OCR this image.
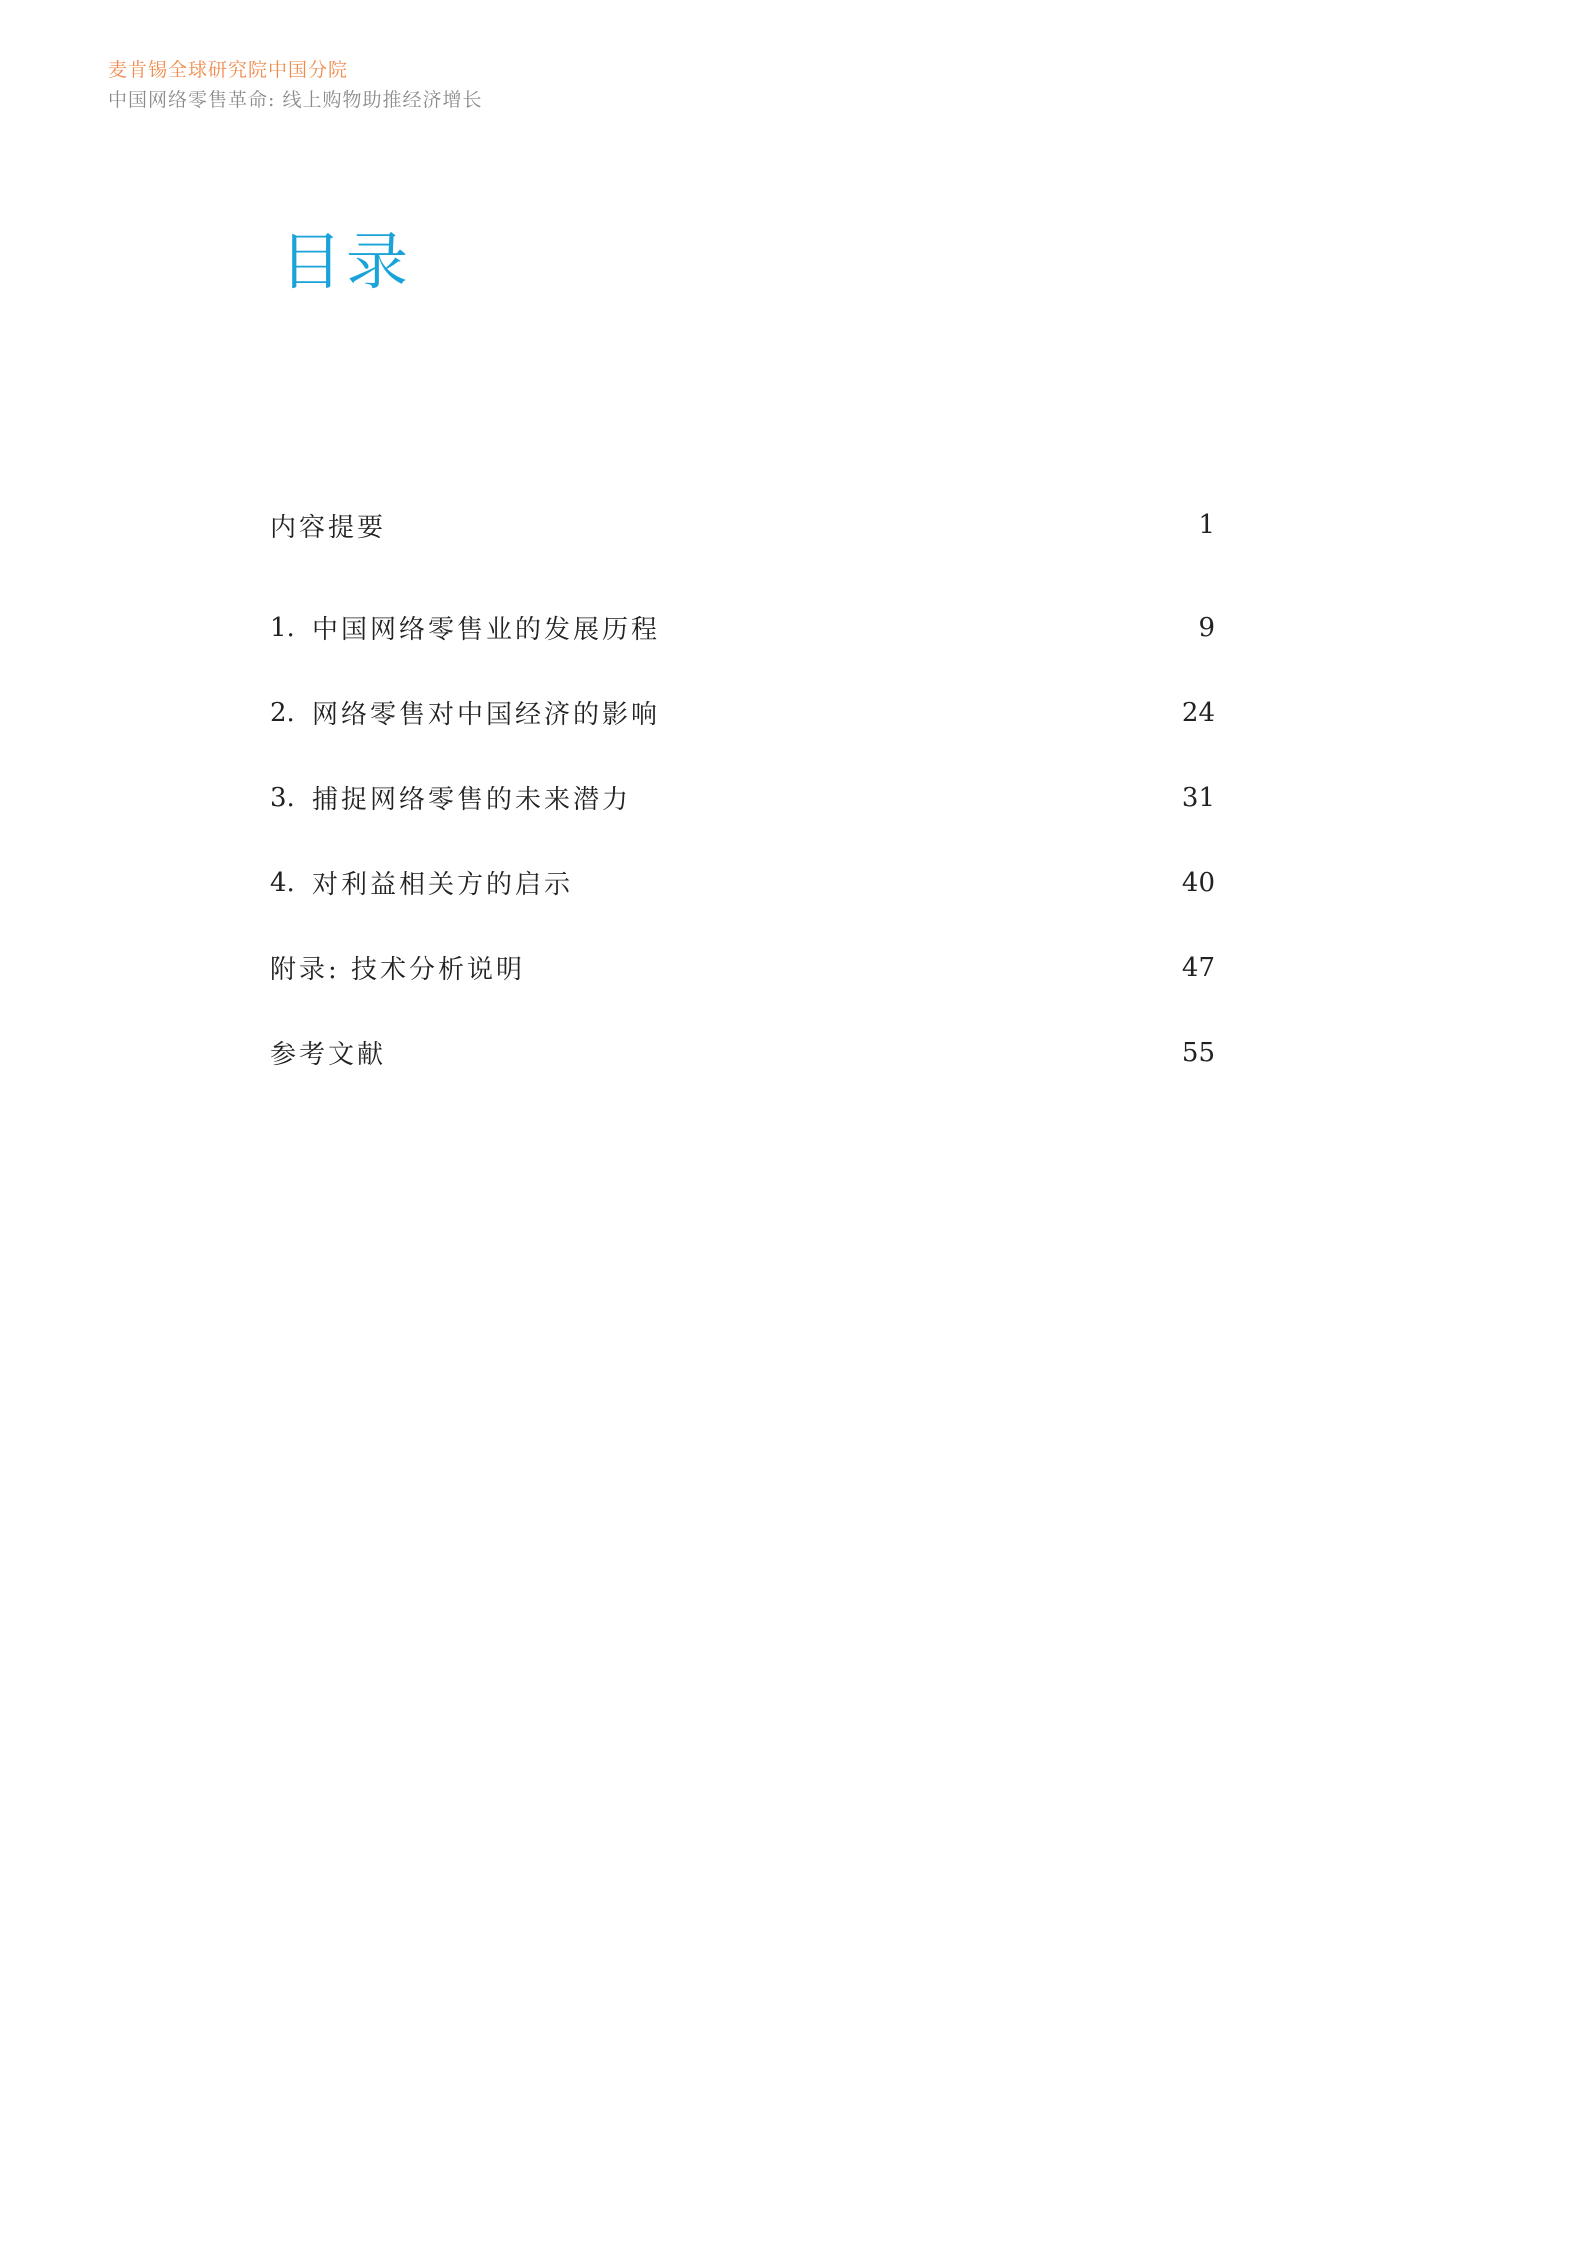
麦肯锡全球研究院中国分院
中国网络零售革命: 线上购物助推经济增长
目录
内容提要	1
1. 中国网络零售业的发展历程	9
2. 网络零售对中国经济的影响	24
3. 捕捉网络零售的未来潜力	31
4. 对利益相关方的启示	40
附录: 技术分析说明	47
参考文献	55
